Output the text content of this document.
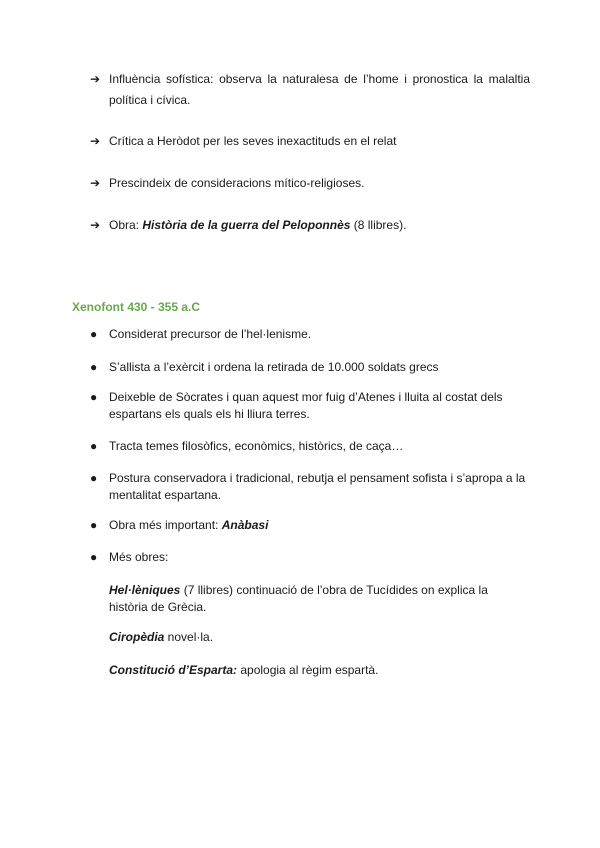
➔ Influència sofística: observa la naturalesa de l’home i pronostica la malaltia política i cívica.
➔ Crítica a Heròdot per les seves inexactituds en el relat
➔ Prescindeix de consideracions mítico-religioses.
➔ Obra: Història de la guerra del Peloponnès (8 llibres).
Xenofont 430 - 355 a.C
● Considerat precursor de l’hel·lenisme.
● S’allista a l’exèrcit i ordena la retirada de 10.000 soldats grecs
● Deixeble de Sòcrates i quan aquest mor fuig d’Atenes i lluita al costat dels espartans els quals els hi lliura terres.
● Tracta temes filosòfics, econòmics, històrics, de caça…
● Postura conservadora i tradicional, rebutja el pensament sofista i s’apropa a la mentalitat espartana.
● Obra més important: Anàbasi
● Més obres:
Hel·lèniques (7 llibres) continuació de l’obra de Tucídides on explica la història de Grècia.
Ciropèdia novel·la.
Constitució d’Esparta: apologia al règim espartà.
